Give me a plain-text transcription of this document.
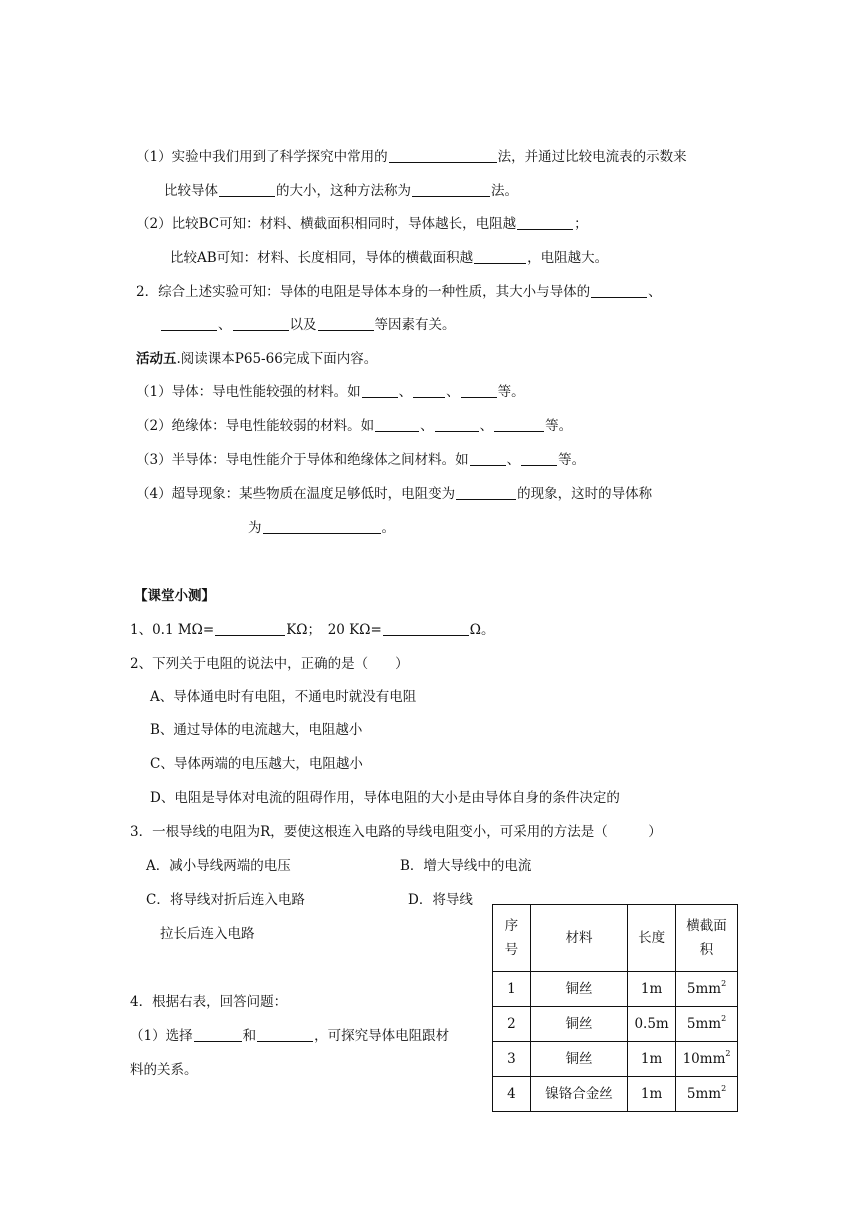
（1）实验中我们用到了科学探究中常用的	法，并通过比较电流表的示数来
比较导体	的大小，这种方法称为	法。
（2）比较BC可知：材料、横截面积相同时，导体越长，电阻越	；
比较AB可知：材料、长度相同，导体的横截面积越	，电阻越大。
2．综合上述实验可知：导体的电阻是导体本身的一种性质，其大小与导体的	、
、	以及	等因素有关。
活动五.阅读课本P65-66完成下面内容。
（1）导体：导电性能较强的材料。如	、	、	等。
（2）绝缘体：导电性能较弱的材料。如	、	、	等。
（3）半导体：导电性能介于导体和绝缘体之间材料。如	、	等。
（4）超导现象：某些物质在温度足够低时，电阻变为	的现象，这时的导体称
为	。
【课堂小测】
1、0.1 MΩ=	KΩ；　20 KΩ=	Ω。
2、下列关于电阻的说法中，正确的是（　　）
A、导体通电时有电阻，不通电时就没有电阻
B、通过导体的电流越大，电阻越小
C、导体两端的电压越大，电阻越小
D、电阻是导体对电流的阻碍作用，导体电阻的大小是由导体自身的条件决定的
3．一根导线的电阻为R，要使这根连入电路的导线电阻变小，可采用的方法是（　　　）
A．减小导线两端的电压	B．增大导线中的电流
C．将导线对折后连入电路	D．将导线
拉长后连入电路
4．根据右表，回答问题：
（1）选择	和	，可探究导体电阻跟材
料的关系。
序号	材料	长度	横截面积

1	铜丝	1m	$5mm^2$
2	铜丝	0.5m	$5mm^2$
3	铜丝	1m	$10mm^2$
4	镍铬合金丝	1m	$5mm^2$
